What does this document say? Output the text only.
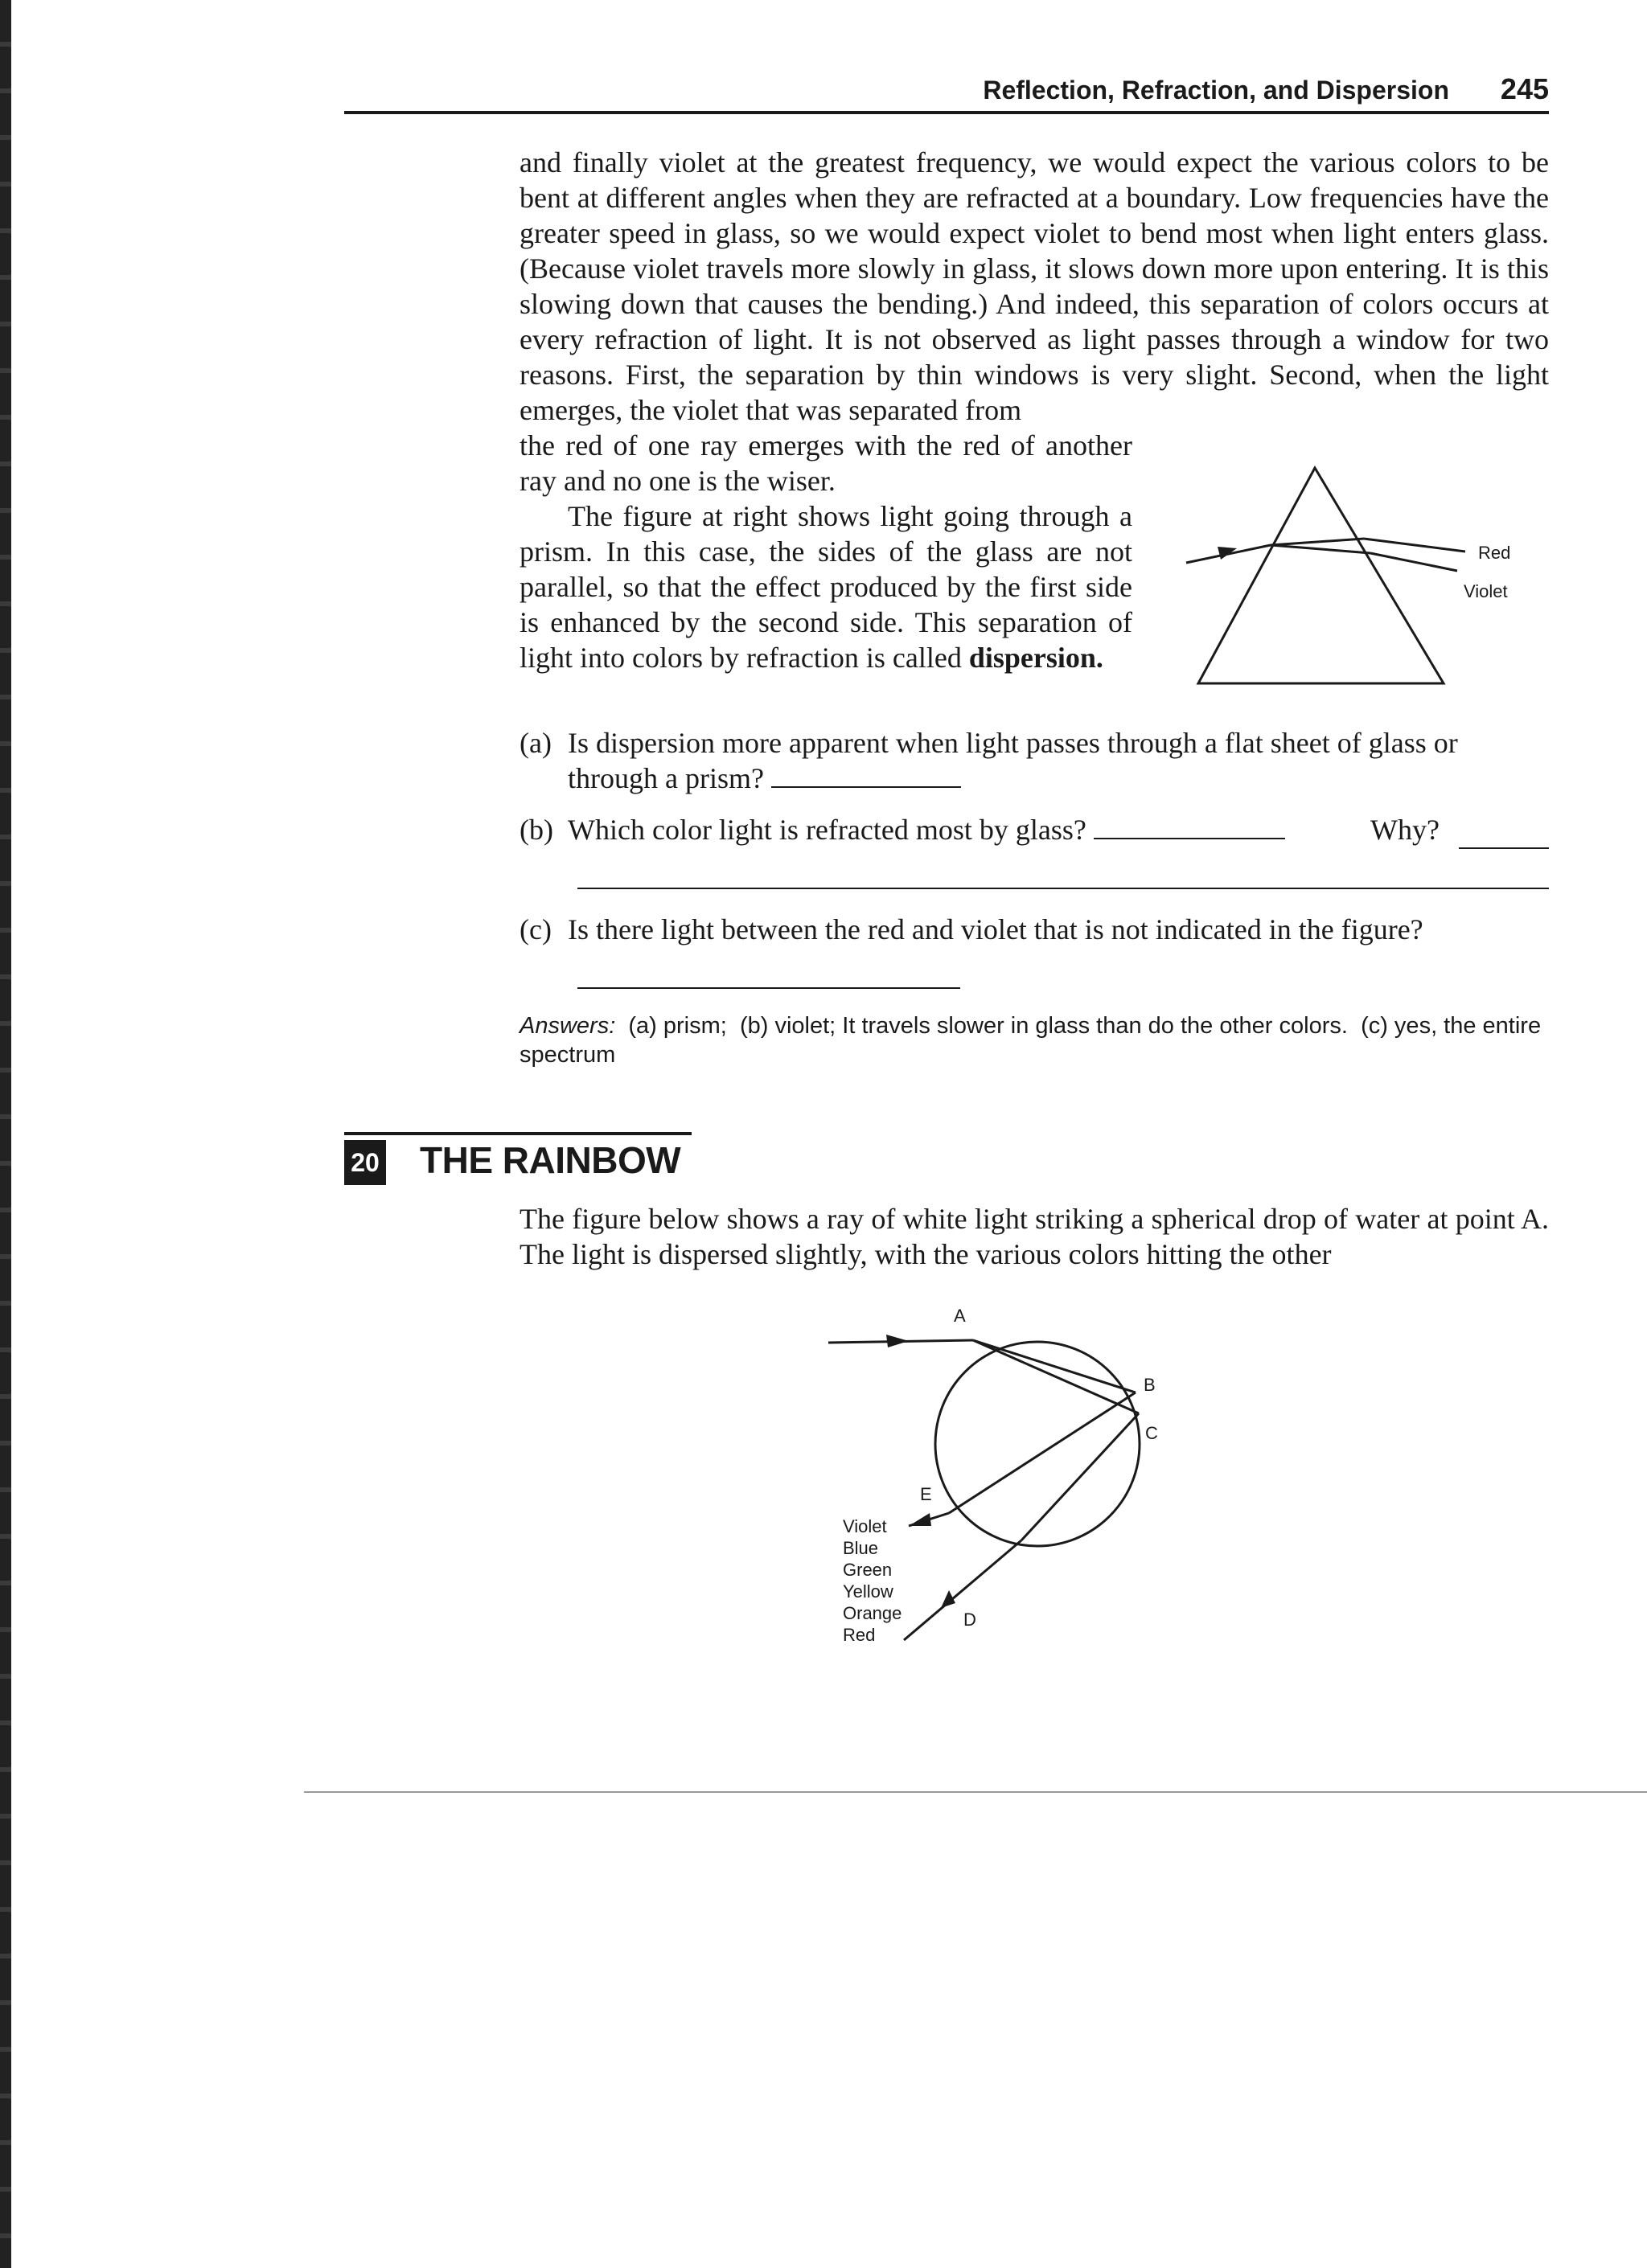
Reflection, Refraction, and Dispersion 245

and finally violet at the greatest frequency, we would expect the various colors to be bent at different angles when they are refracted at a boundary. Low frequencies have the greater speed in glass, so we would expect violet to bend most when light enters glass. (Because violet travels more slowly in glass, it slows down more upon entering. It is this slowing down that causes the bending.) And indeed, this separation of colors occurs at every refraction of light. It is not observed as light passes through a window for two reasons. First, the separation by thin windows is very slight. Second, when the light emerges, the violet that was separated from

the red of one ray emerges with the red of another ray and no one is the wiser.

The figure at right shows light going through a prism. In this case, the sides of the glass are not parallel, so that the effect produced by the first side is enhanced by the second side. This separation of light into colors by refraction is called dispersion.

Red
Violet
(a) Is dispersion more apparent when light passes through a flat sheet of glass or through a prism?
(b) Which color light is refracted most by glass?	Why?
(c) Is there light between the red and violet that is not indicated in the figure?
Answers: (a) prism; (b) violet; It travels slower in glass than do the other colors. (c) yes, the entire spectrum
20 THE RAINBOW

The figure below shows a ray of white light striking a spherical drop of water at point A. The light is dispersed slightly, with the various colors hitting the other

A
B
C
E
D
Violet
Blue
Green
Yellow
Orange
Red
